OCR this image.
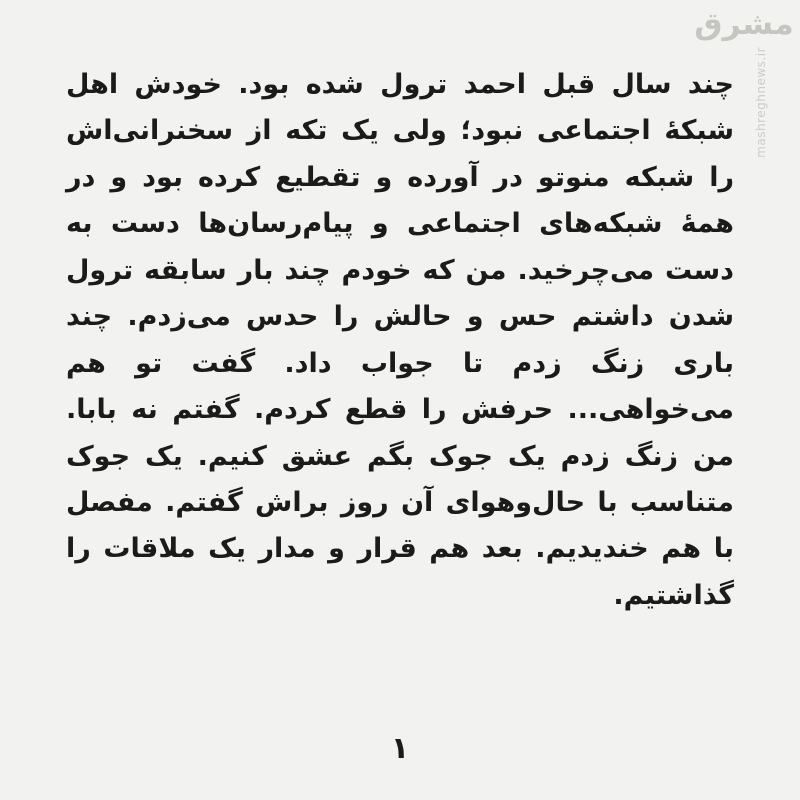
مشرق
mashreghnews.ir

چند سال قبل احمد ترول شده بود. خودش اهل شبکهٔ اجتماعی نبود؛ ولی یک تکه از سخنرانی‌اش را شبکه منوتو در آورده و تقطیع کرده بود و در همهٔ شبکه‌های اجتماعی و پیام‌رسان‌ها دست به دست می‌چرخید. من که خودم چند بار سابقه ترول شدن داشتم حس و حالش را حدس می‌زدم. چند باری زنگ زدم تا جواب داد. گفت تو هم می‌خواهی... حرفش را قطع کردم. گفتم نه بابا. من زنگ زدم یک جوک بگم عشق کنیم. یک جوک متناسب با حال‌وهوای آن روز براش گفتم. مفصل با هم خندیدیم. بعد هم قرار و مدار یک ملاقات را گذاشتیم.

۱
